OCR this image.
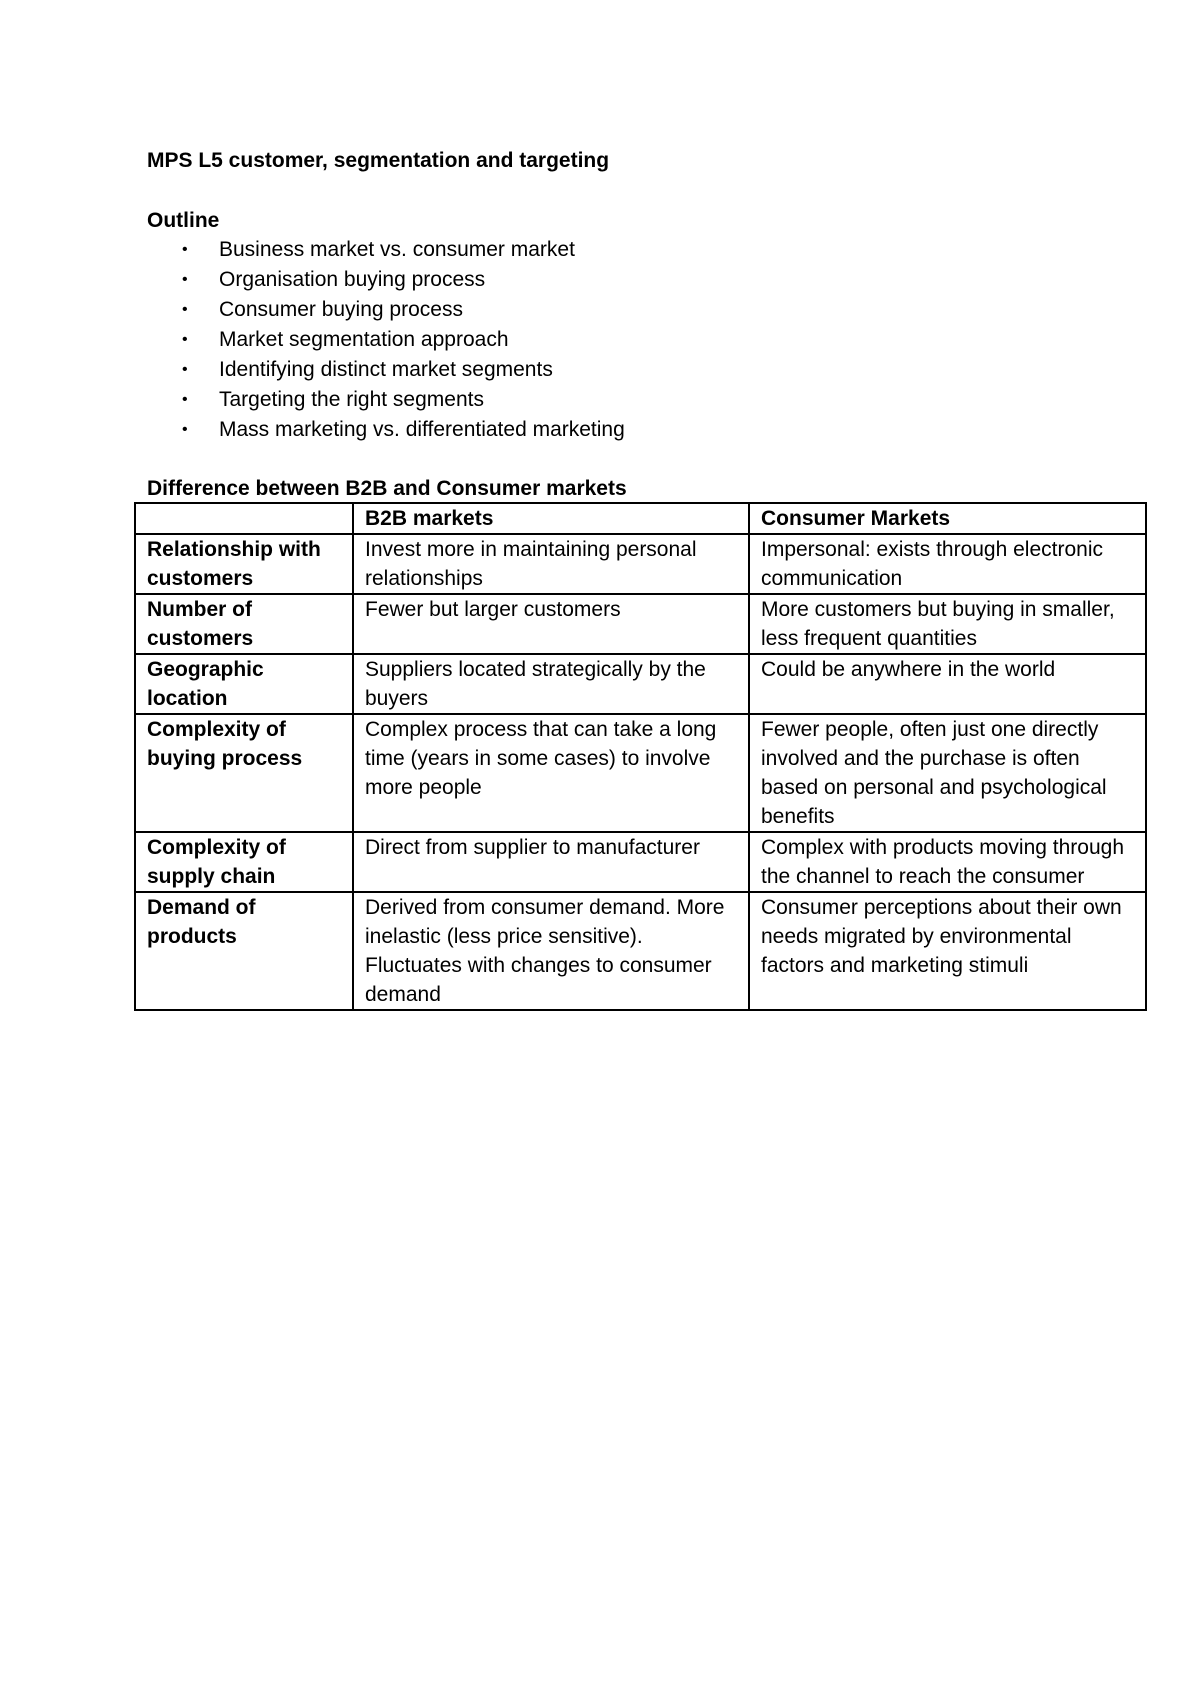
MPS L5 customer, segmentation and targeting
Outline
• Business market vs. consumer market
• Organisation buying process
• Consumer buying process
• Market segmentation approach
• Identifying distinct market segments
• Targeting the right segments
• Mass marketing vs. differentiated marketing
Difference between B2B and Consumer markets
	B2B markets	Consumer Markets
Relationship with customers	Invest more in maintaining personal relationships	Impersonal: exists through electronic communication
Number of customers	Fewer but larger customers	More customers but buying in smaller, less frequent quantities
Geographic location	Suppliers located strategically by the buyers	Could be anywhere in the world
Complexity of buying process	Complex process that can take a long time (years in some cases) to involve more people	Fewer people, often just one directly involved and the purchase is often based on personal and psychological benefits
Complexity of supply chain	Direct from supplier to manufacturer	Complex with products moving through the channel to reach the consumer
Demand of products	Derived from consumer demand. More inelastic (less price sensitive). Fluctuates with changes to consumer demand	Consumer perceptions about their own needs migrated by environmental factors and marketing stimuli
